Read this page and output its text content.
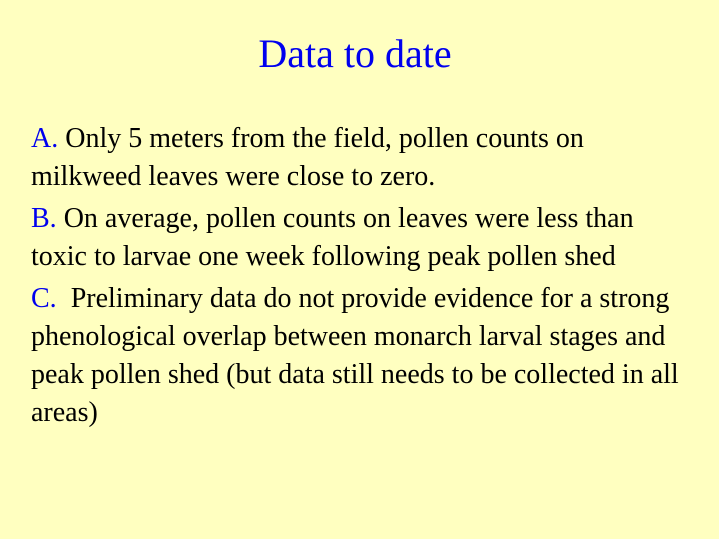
Data to date
A. Only 5 meters from the field, pollen counts on milkweed leaves were close to zero.
B. On average, pollen counts on leaves were less than toxic to larvae one week following peak pollen shed
C. Preliminary data do not provide evidence for a strong phenological overlap between monarch larval stages and peak pollen shed (but data still needs to be collected in all areas)
